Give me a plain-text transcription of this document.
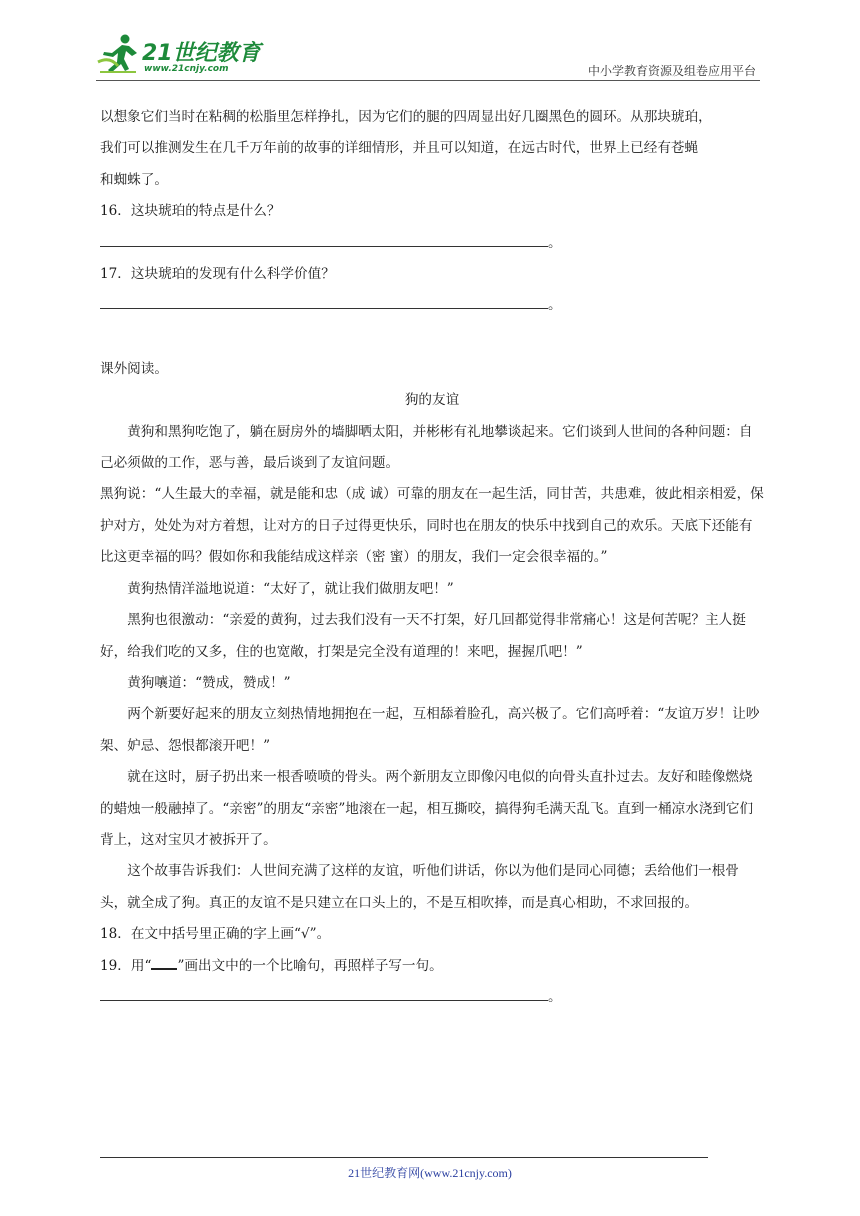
21世纪教育
www.21cnjy.com	中小学教育资源及组卷应用平台

以想象它们当时在粘稠的松脂里怎样挣扎，因为它们的腿的四周显出好几圈黑色的圆环。从那块琥珀，

我们可以推测发生在几千万年前的故事的详细情形，并且可以知道，在远古时代，世界上已经有苍蝇

和蜘蛛了。

16．这块琥珀的特点是什么？

。

17．这块琥珀的发现有什么科学价值？

。

课外阅读。

狗的友谊

黄狗和黑狗吃饱了，躺在厨房外的墙脚晒太阳，并彬彬有礼地攀谈起来。它们谈到人世间的各种问题：自己必须做的工作，恶与善，最后谈到了友谊问题。

黑狗说：“人生最大的幸福，就是能和忠（成 诚）可靠的朋友在一起生活，同甘苦，共患难，彼此相亲相爱，保护对方，处处为对方着想，让对方的日子过得更快乐，同时也在朋友的快乐中找到自己的欢乐。天底下还能有比这更幸福的吗？假如你和我能结成这样亲（密 蜜）的朋友，我们一定会很幸福的。”

黄狗热情洋溢地说道：“太好了，就让我们做朋友吧！”

黑狗也很激动：“亲爱的黄狗，过去我们没有一天不打架，好几回都觉得非常痛心！这是何苦呢？主人挺好，给我们吃的又多，住的也宽敞，打架是完全没有道理的！来吧，握握爪吧！”

黄狗嚷道：“赞成，赞成！”

两个新要好起来的朋友立刻热情地拥抱在一起，互相舔着脸孔，高兴极了。它们高呼着：“友谊万岁！让吵架、妒忌、怨恨都滚开吧！”

就在这时，厨子扔出来一根香喷喷的骨头。两个新朋友立即像闪电似的向骨头直扑过去。友好和睦像燃烧的蜡烛一般融掉了。“亲密”的朋友“亲密”地滚在一起，相互撕咬，搞得狗毛满天乱飞。直到一桶凉水浇到它们背上，这对宝贝才被拆开了。

这个故事告诉我们：人世间充满了这样的友谊，听他们讲话，你以为他们是同心同德；丢给他们一根骨头，就全成了狗。真正的友谊不是只建立在口头上的，不是互相吹捧，而是真心相助，不求回报的。

18．在文中括号里正确的字上画“√”。

19．用“ ”画出文中的一个比喻句，再照样子写一句。

。

21世纪教育网(www.21cnjy.com)
